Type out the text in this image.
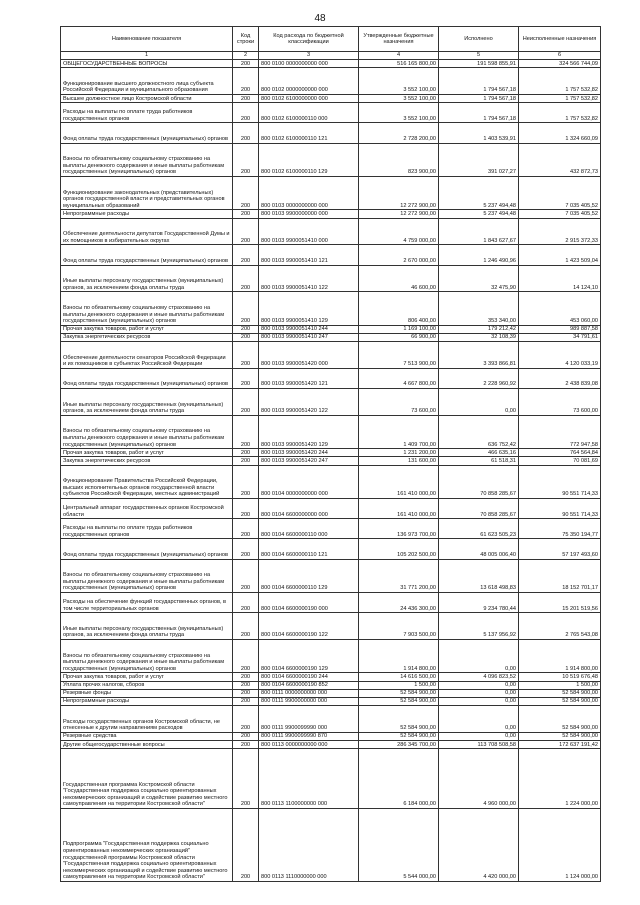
48
Наименование показателя	Код строки	Код расхода по бюджетной классификации	Утвержденные бюджетные назначения	Исполнено	Неисполненные назначения
1	2	3	4	5	6
ОБЩЕГОСУДАРСТВЕННЫЕ ВОПРОСЫ	200	800 0100 0000000000 000	516 165 800,00	191 598 855,91	324 566 744,09
Функционирование высшего должностного лица субъекта Российской Федерации и муниципального образования	200	800 0102 0000000000 000	3 552 100,00	1 794 567,18	1 757 532,82
Высшее должностное лицо Костромской области	200	800 0102 6100000000 000	3 552 100,00	1 794 567,18	1 757 532,82
Расходы на выплаты по оплате труда работников государственных органов	200	800 0102 6100000110 000	3 552 100,00	1 794 567,18	1 757 532,82
Фонд оплаты труда государственных (муниципальных) органов	200	800 0102 6100000110 121	2 728 200,00	1 403 539,91	1 324 660,09
Взносы по обязательному социальному страхованию на выплаты денежного содержания и иные выплаты работникам государственных (муниципальных) органов	200	800 0102 6100000110 129	823 900,00	391 027,27	432 872,73
Функционирование законодательных (представительных) органов государственной власти и представительных органов муниципальных образований	200	800 0103 0000000000 000	12 272 900,00	5 237 494,48	7 035 405,52
Непрограммные расходы	200	800 0103 9900000000 000	12 272 900,00	5 237 494,48	7 035 405,52
Обеспечение деятельности депутатов Государственной Думы и их помощников в избирательных округах	200	800 0103 9900051410 000	4 759 000,00	1 843 627,67	2 915 372,33
Фонд оплаты труда государственных (муниципальных) органов	200	800 0103 9900051410 121	2 670 000,00	1 246 490,96	1 423 509,04
Иные выплаты персоналу государственных (муниципальных) органов, за исключением фонда оплаты труда	200	800 0103 9900051410 122	46 600,00	32 475,90	14 124,10
Взносы по обязательному социальному страхованию на выплаты денежного содержания и иные выплаты работникам государственных (муниципальных) органов	200	800 0103 9900051410 129	806 400,00	353 340,00	453 060,00
Прочая закупка товаров, работ и услуг	200	800 0103 9900051410 244	1 169 100,00	179 212,42	989 887,58
Закупка энергетических ресурсов	200	800 0103 9900051410 247	66 900,00	32 108,39	34 791,61
Обеспечение деятельности сенаторов Российской Федерации и их помощников в субъектах Российской Федерации	200	800 0103 9900051420 000	7 513 900,00	3 393 866,81	4 120 033,19
Фонд оплаты труда государственных (муниципальных) органов	200	800 0103 9900051420 121	4 667 800,00	2 228 960,92	2 438 839,08
Иные выплаты персоналу государственных (муниципальных) органов, за исключением фонда оплаты труда	200	800 0103 9900051420 122	73 600,00	0,00	73 600,00
Взносы по обязательному социальному страхованию на выплаты денежного содержания и иные выплаты работникам государственных (муниципальных) органов	200	800 0103 9900051420 129	1 409 700,00	636 752,42	772 947,58
Прочая закупка товаров, работ и услуг	200	800 0103 9900051420 244	1 231 200,00	466 635,16	764 564,84
Закупка энергетических ресурсов	200	800 0103 9900051420 247	131 600,00	61 518,31	70 081,69
Функционирование Правительства Российской Федерации, высших исполнительных органов государственной власти субъектов Российской Федерации, местных администраций	200	800 0104 0000000000 000	161 410 000,00	70 858 285,67	90 551 714,33
Центральный аппарат государственных органов Костромской области	200	800 0104 6600000000 000	161 410 000,00	70 858 285,67	90 551 714,33
Расходы на выплаты по оплате труда работников государственных органов	200	800 0104 6600000110 000	136 973 700,00	61 623 505,23	75 350 194,77
Фонд оплаты труда государственных (муниципальных) органов	200	800 0104 6600000110 121	105 202 500,00	48 005 006,40	57 197 493,60
Взносы по обязательному социальному страхованию на выплаты денежного содержания и иные выплаты работникам государственных (муниципальных) органов	200	800 0104 6600000110 129	31 771 200,00	13 618 498,83	18 152 701,17
Расходы на обеспечение функций государственных органов, в том числе территориальных органов	200	800 0104 6600000190 000	24 436 300,00	9 234 780,44	15 201 519,56
Иные выплаты персоналу государственных (муниципальных) органов, за исключением фонда оплаты труда	200	800 0104 6600000190 122	7 903 500,00	5 137 956,92	2 765 543,08
Взносы по обязательному социальному страхованию на выплаты денежного содержания и иные выплаты работникам государственных (муниципальных) органов	200	800 0104 6600000190 129	1 914 800,00	0,00	1 914 800,00
Прочая закупка товаров, работ и услуг	200	800 0104 6600000190 244	14 616 500,00	4 096 823,52	10 519 676,48
Уплата прочих налогов, сборов	200	800 0104 6600000190 852	1 500,00	0,00	1 500,00
Резервные фонды	200	800 0111 0000000000 000	52 584 900,00	0,00	52 584 900,00
Непрограммные расходы	200	800 0111 9900000000 000	52 584 900,00	0,00	52 584 900,00
Расходы государственных органов Костромской области, не отнесенные к другим направлениям расходов	200	800 0111 9900099990 000	52 584 900,00	0,00	52 584 900,00
Резервные средства	200	800 0111 9900099990 870	52 584 900,00	0,00	52 584 900,00
Другие общегосударственные вопросы	200	800 0113 0000000000 000	286 345 700,00	113 708 508,58	172 637 191,42
Государственная программа Костромской области "Государственная поддержка социально ориентированных некоммерческих организаций и содействие развитию местного самоуправления на территории Костромской области"	200	800 0113 1100000000 000	6 184 000,00	4 960 000,00	1 224 000,00
Подпрограмма "Государственная поддержка социально ориентированных некоммерческих организаций" государственной программы Костромской области "Государственная поддержка социально ориентированных некоммерческих организаций и содействие развитию местного самоуправления на территории Костромской области"	200	800 0113 1110000000 000	5 544 000,00	4 420 000,00	1 124 000,00
